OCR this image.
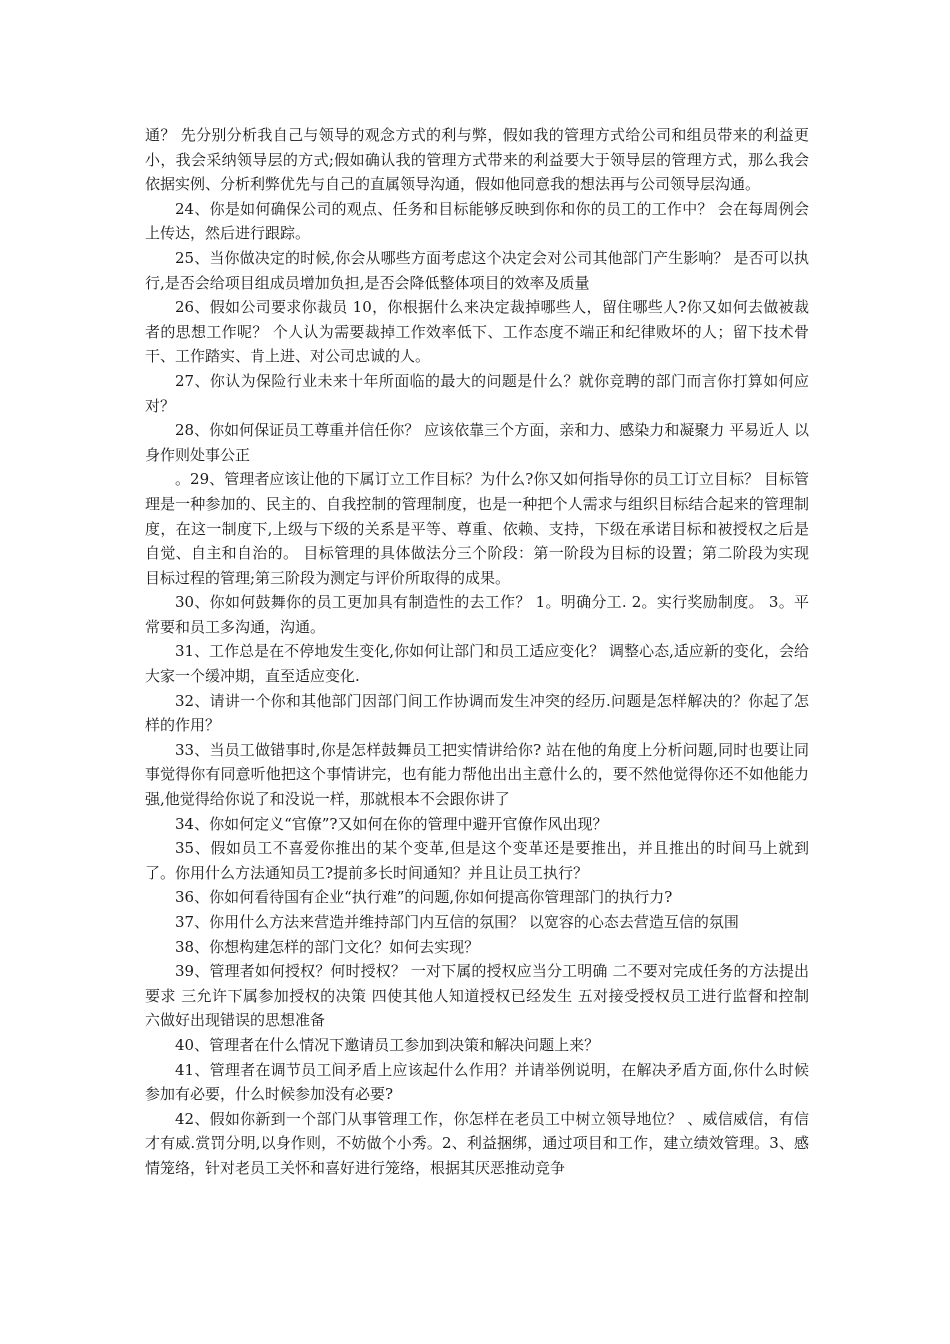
通？ 先分别分析我自己与领导的观念方式的利与弊，假如我的管理方式给公司和组员带来的利益更小，我会采纳领导层的方式;假如确认我的管理方式带来的利益要大于领导层的管理方式，那么我会依据实例、分析利弊优先与自己的直属领导沟通，假如他同意我的想法再与公司领导层沟通。

24、你是如何确保公司的观点、任务和目标能够反映到你和你的员工的工作中？ 会在每周例会上传达，然后进行跟踪。

25、当你做决定的时候,你会从哪些方面考虑这个决定会对公司其他部门产生影响？ 是否可以执行,是否会给项目组成员增加负担,是否会降低整体项目的效率及质量

26、假如公司要求你裁员 10，你根据什么来决定裁掉哪些人，留住哪些人?你又如何去做被裁者的思想工作呢？ 个人认为需要裁掉工作效率低下、工作态度不端正和纪律败坏的人；留下技术骨干、工作踏实、肯上进、对公司忠诚的人。

27、你认为保险行业未来十年所面临的最大的问题是什么？就你竞聘的部门而言你打算如何应对？

28、你如何保证员工尊重并信任你？ 应该依靠三个方面，亲和力、感染力和凝聚力 平易近人 以身作则处事公正

。29、管理者应该让他的下属订立工作目标？为什么?你又如何指导你的员工订立目标？ 目标管理是一种参加的、民主的、自我控制的管理制度，也是一种把个人需求与组织目标结合起来的管理制度，在这一制度下,上级与下级的关系是平等、尊重、依赖、支持，下级在承诺目标和被授权之后是自觉、自主和自治的。 目标管理的具体做法分三个阶段：第一阶段为目标的设置；第二阶段为实现目标过程的管理;第三阶段为测定与评价所取得的成果。

30、你如何鼓舞你的员工更加具有制造性的去工作？ 1。明确分工. 2。实行奖励制度。 3。平常要和员工多沟通，沟通。

31、工作总是在不停地发生变化,你如何让部门和员工适应变化？ 调整心态,适应新的变化，会给大家一个缓冲期，直至适应变化.

32、请讲一个你和其他部门因部门间工作协调而发生冲突的经历.问题是怎样解决的？你起了怎样的作用？

33、当员工做错事时,你是怎样鼓舞员工把实情讲给你? 站在他的角度上分析问题,同时也要让同事觉得你有同意听他把这个事情讲完，也有能力帮他出出主意什么的，要不然他觉得你还不如他能力强,他觉得给你说了和没说一样，那就根本不会跟你讲了

34、你如何定义“官僚”?又如何在你的管理中避开官僚作风出现？

35、假如员工不喜爱你推出的某个变革,但是这个变革还是要推出，并且推出的时间马上就到了。你用什么方法通知员工?提前多长时间通知？并且让员工执行？

36、你如何看待国有企业“执行难”的问题,你如何提高你管理部门的执行力?

37、你用什么方法来营造并维持部门内互信的氛围？ 以宽容的心态去营造互信的氛围

38、你想构建怎样的部门文化？如何去实现？

39、管理者如何授权？何时授权？ 一对下属的授权应当分工明确 二不要对完成任务的方法提出要求 三允许下属参加授权的决策 四使其他人知道授权已经发生 五对接受授权员工进行监督和控制 六做好出现错误的思想准备

40、管理者在什么情况下邀请员工参加到决策和解决问题上来？

41、管理者在调节员工间矛盾上应该起什么作用？并请举例说明，在解决矛盾方面,你什么时候参加有必要，什么时候参加没有必要?

42、假如你新到一个部门从事管理工作，你怎样在老员工中树立领导地位？ 、威信威信，有信才有威.赏罚分明,以身作则，不妨做个小秀。2、利益捆绑，通过项目和工作，建立绩效管理。3、感情笼络，针对老员工关怀和喜好进行笼络，根据其厌恶推动竞争
